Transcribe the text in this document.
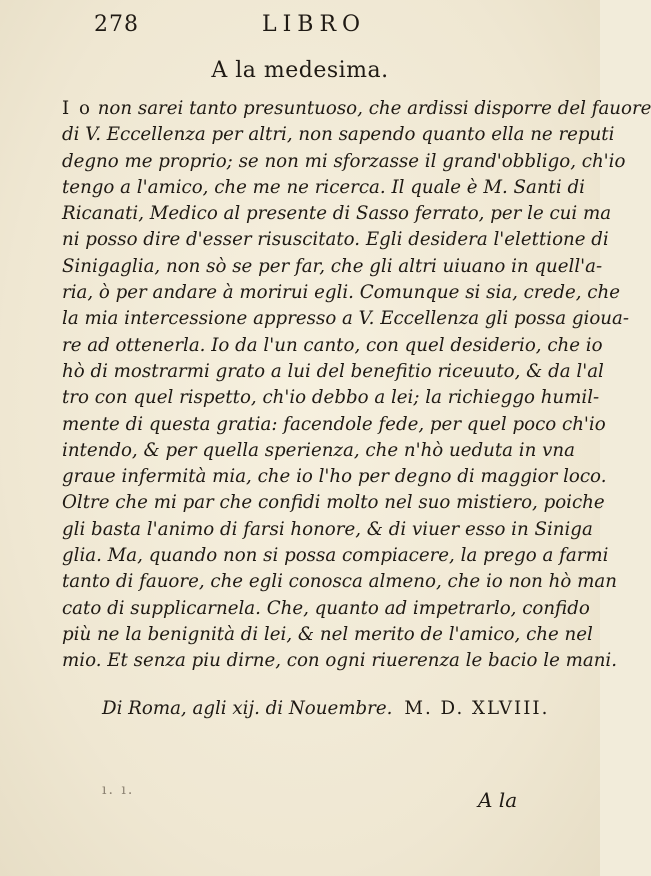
278	LIBRO
A la medesima.
I o non sarei tanto presuntuoso, che ardissi disporre del fauore
di V. Eccellenza per altri, non sapendo quanto ella ne reputi
degno me proprio; se non mi sforzasse il grand'obbligo, ch'io
tengo a l'amico, che me ne ricerca. Il quale è M. Santi di
Ricanati, Medico al presente di Sasso ferrato, per le cui ma
ni posso dire d'esser risuscitato. Egli desidera l'elettione di
Sinigaglia, non sò se per far, che gli altri uiuano in quell'a-
ria, ò per andare à morirui egli. Comunque si sia, crede, che
la mia intercessione appresso a V. Eccellenza gli possa gioua-
re ad ottenerla. Io da l'un canto, con quel desiderio, che io
hò di mostrarmi grato a lui del benefitio riceuuto, & da l'al
tro con quel rispetto, ch'io debbo a lei; la richieggo humil-
mente di questa gratia: facendole fede, per quel poco ch'io
intendo, & per quella sperienza, che n'hò ueduta in vna
graue infermità mia, che io l'ho per degno di maggior loco.
Oltre che mi par che confidi molto nel suo mistiero, poiche
gli basta l'animo di farsi honore, & di viuer esso in Siniga
glia. Ma, quando non si possa compiacere, la prego a farmi
tanto di fauore, che egli conosca almeno, che io non hò man
cato di supplicarnela. Che, quanto ad impetrarlo, confido
più ne la benignità di lei, & nel merito de l'amico, che nel
mio. Et senza piu dirne, con ogni riuerenza le bacio le mani.
Di Roma, agli xij. di Nouembre. M. D. XLVIII.
ı. ı.	A la
